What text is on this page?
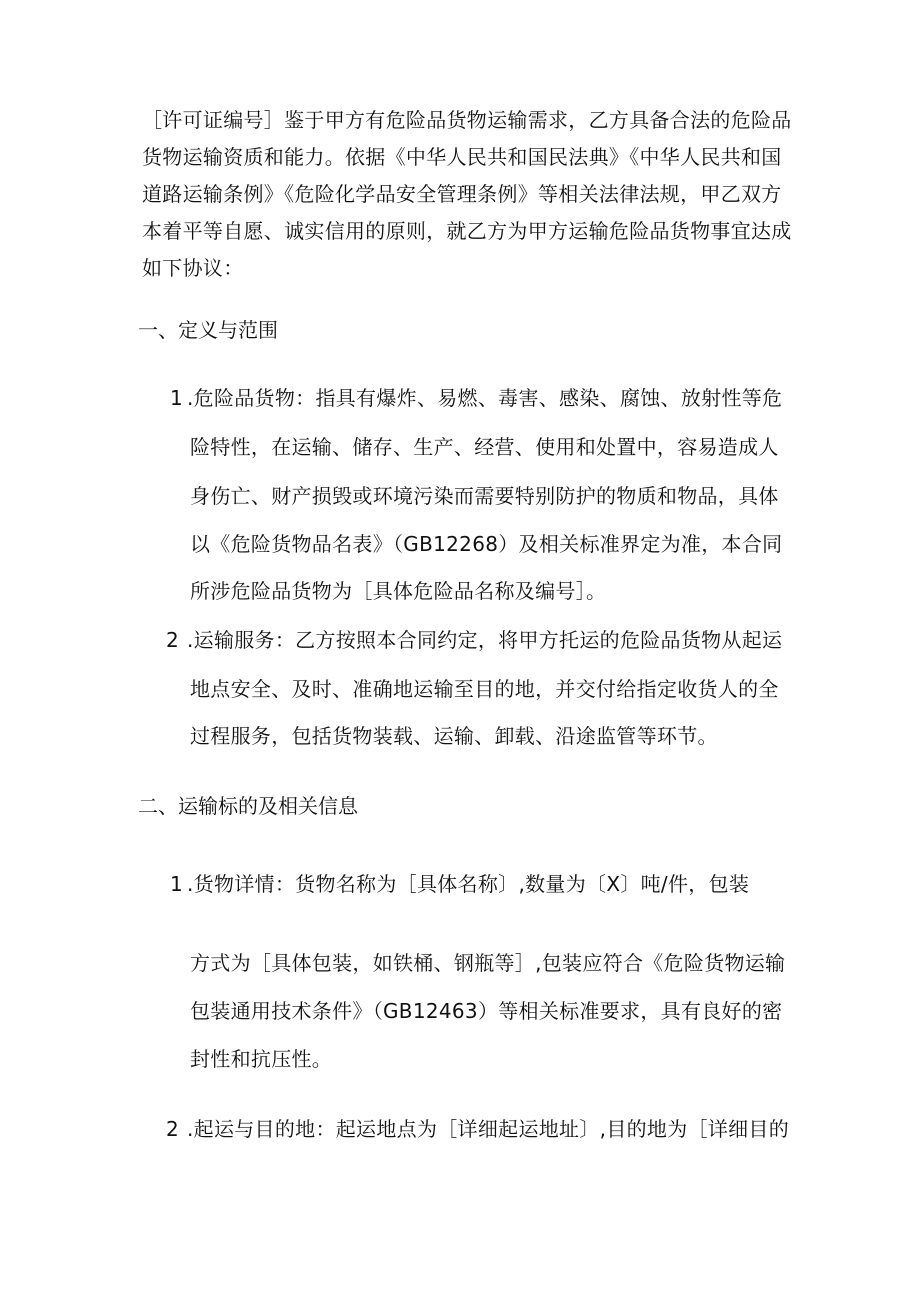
［许可证编号］鉴于甲方有危险品货物运输需求，乙方具备合法的危险品
货物运输资质和能力。依据《中华人民共和国民法典》《中华人民共和国
道路运输条例》《危险化学品安全管理条例》等相关法律法规，甲乙双方
本着平等自愿、诚实信用的原则，就乙方为甲方运输危险品货物事宜达成
如下协议：
一、定义与范围
1 .危险品货物：指具有爆炸、易燃、毒害、感染、腐蚀、放射性等危
险特性，在运输、储存、生产、经营、使用和处置中，容易造成人
身伤亡、财产损毁或环境污染而需要特别防护的物质和物品，具体
以《危险货物品名表》（GB12268）及相关标准界定为准，本合同
所涉危险品货物为［具体危险品名称及编号］。
2 .运输服务：乙方按照本合同约定，将甲方托运的危险品货物从起运
地点安全、及时、准确地运输至目的地，并交付给指定收货人的全
过程服务，包括货物装载、运输、卸载、沿途监管等环节。
二、运输标的及相关信息
1 .货物详情：货物名称为［具体名称〕,数量为〔X〕吨/件，包装
方式为［具体包装，如铁桶、钢瓶等］,包装应符合《危险货物运输
包装通用技术条件》（GB12463）等相关标准要求，具有良好的密
封性和抗压性。
2 .起运与目的地：起运地点为［详细起运地址〕,目的地为［详细目的
